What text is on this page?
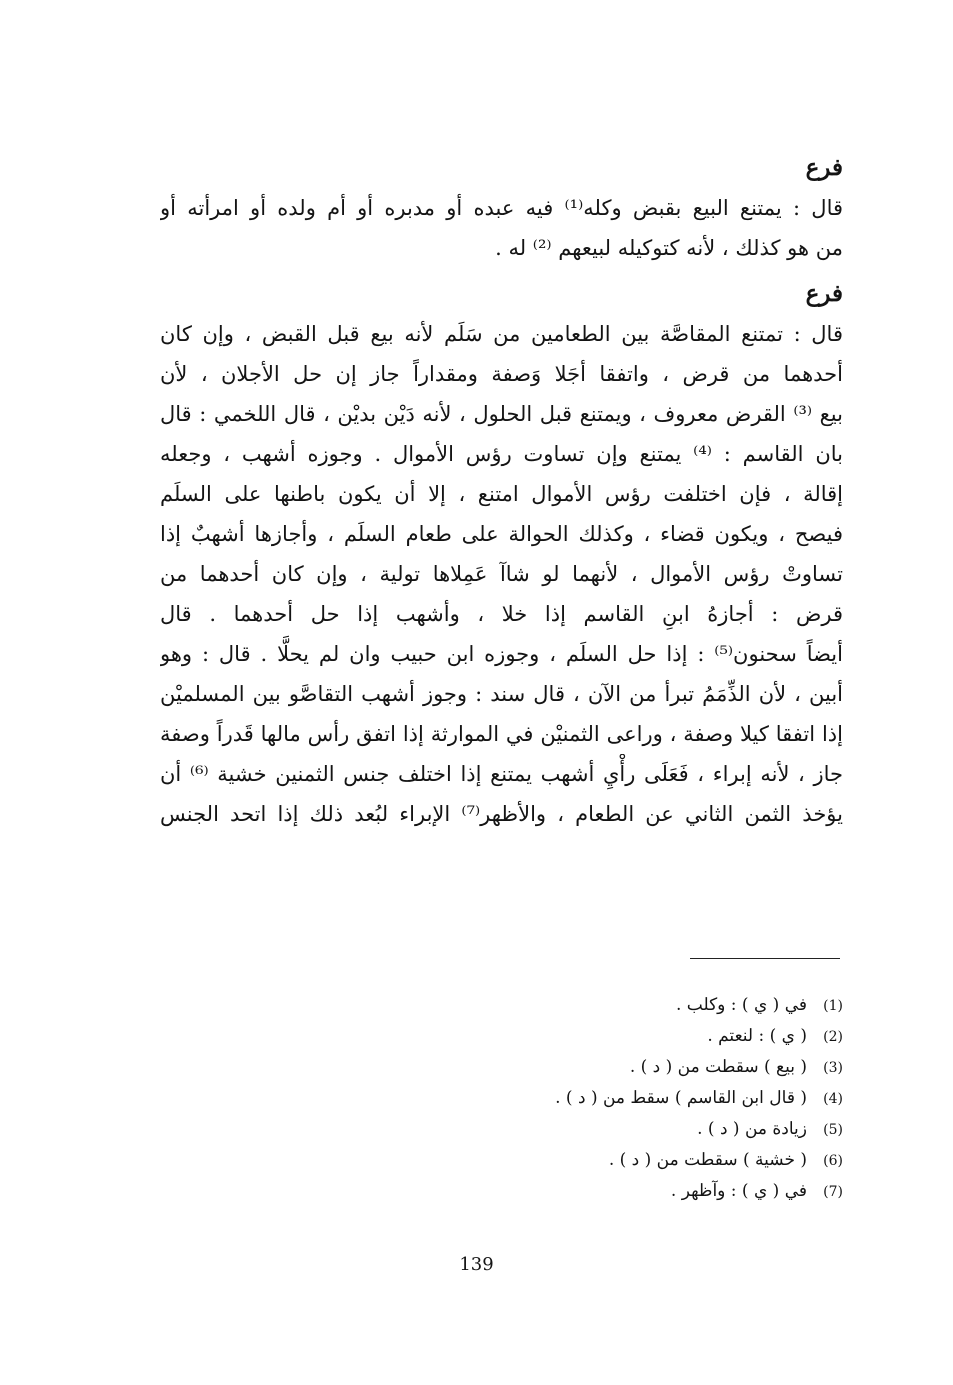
فرع
قال : يمتنع البيع بقبض وكله⁽¹⁾ فيه عبده أو مدبره أو أم ولده أو امرأته أو
من هو كذلك ، لأنه كتوكيله لبيعهم ⁽²⁾ له .
فرع
قال : تمتنع المقاصَّة بين الطعامين من سَلَم لأنه بيع قبل القبض ، وإن كان
أحدهما من قرض ، واتفقا أجَلا وَصفة ومقداراً جاز إن حل الأجلان ، لأن
بيع ⁽³⁾ القرض معروف ، ويمتنع قبل الحلول ، لأنه دَيْن بديْن ، قال اللخمي : قال
بان القاسم : ⁽⁴⁾ يمتنع وإن تساوت رؤس الأموال . وجوزه أشهب ، وجعله
إقالة ، فإن اختلفت رؤس الأموال امتنع ، إلا أن يكون باطنها على السلَم
فيصح ، ويكون قضاء ، وكذلك الحوالة على طعام السلَم ، وأجازها أشهبٌ إذا
تساوتْ رؤس الأموال ، لأنهما لو شاآ عَمِلاها تولية ، وإن كان أحدهما من
قرض : أجازهُ ابنِ القاسم إذا خلا ، وأشهب إذا حل أحدهما . قال
أيضاً سحنون⁽⁵⁾ : إذا حل السلَم ، وجوزه ابن حبيب وان لم يحلَّا . قال : وهو
أبين ، لأن الذِّمَمُ تبرأ من الآن ، قال سند : وجوز أشهب التقاصَّو بين المسلميْن
إذا اتفقا كيلا وصفة ، وراعى الثمنيْن في الموارثة إذا اتفق رأس مالها قَدراً وصفة
جاز ، لأنه إبراء ، فَعَلَى رأْيِ أشهب يمتنع إذا اختلف جنس الثمنين خشية ⁽⁶⁾ أن
يؤخذ الثمن الثاني عن الطعام ، والأظهر⁽⁷⁾ الإبراء لبُعد ذلك إذا اتحد الجنس
(1)
في ( ي ) : وكلب .
(2)
( ي ) : لنعتم .
(3)
( بيع ) سقطت من ( د ) .
(4)
( قال ابن القاسم ) سقط من ( د ) .
(5)
زيادة من ( د ) .
(6)
( خشية ) سقطت من ( د ) .
(7)
في ( ي ) : وآظهر .
139
